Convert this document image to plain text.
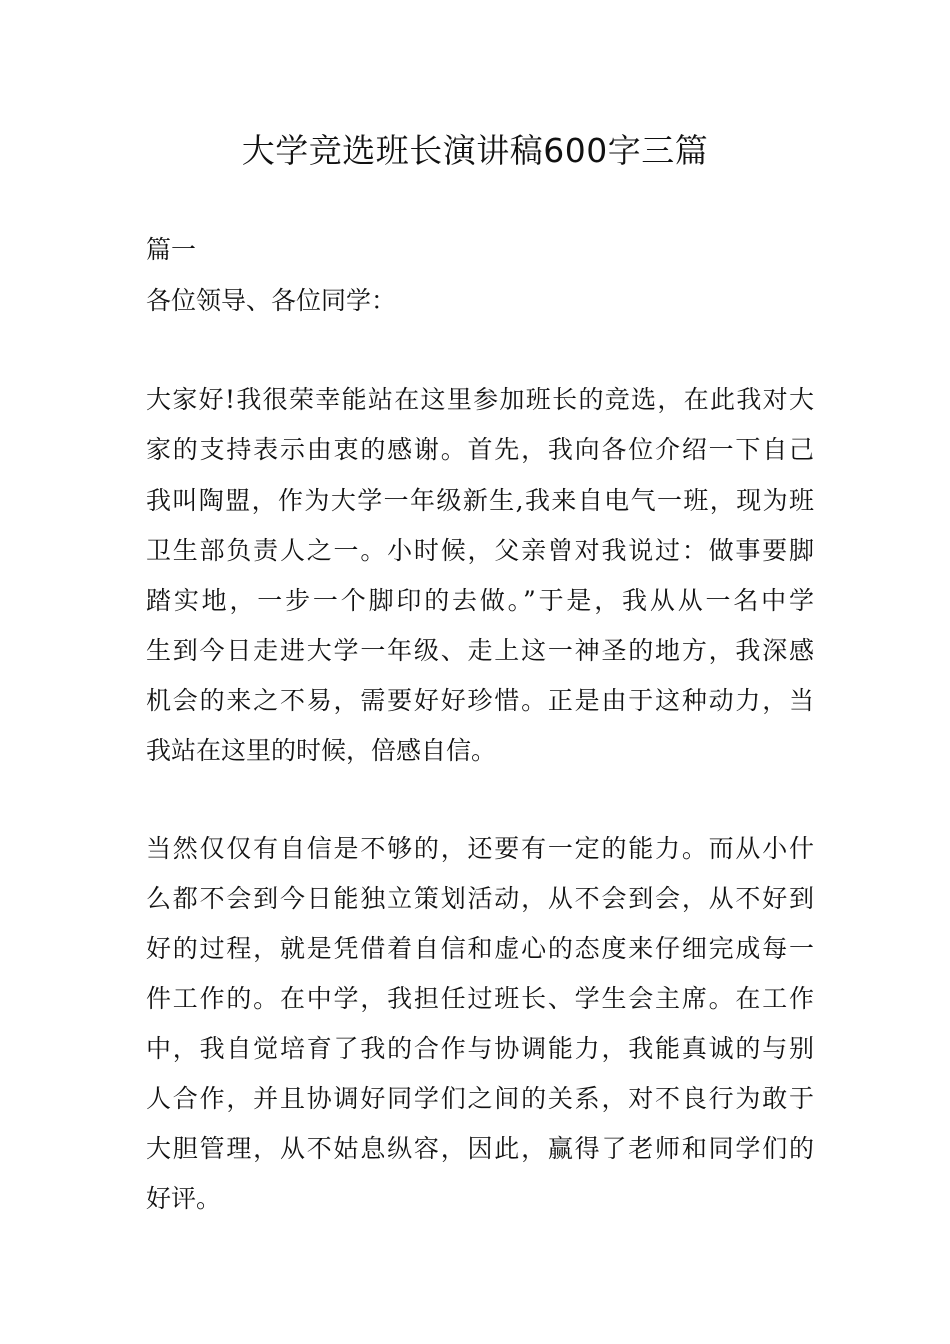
大学竞选班长演讲稿600字三篇
篇一
各位领导、各位同学：
大家好!我很荣幸能站在这里参加班长的竞选，在此我对大
家的支持表示由衷的感谢。首先，我向各位介绍一下自己
我叫陶盟，作为大学一年级新生,我来自电气一班，现为班
卫生部负责人之一。小时候，父亲曾对我说过：做事要脚
踏实地，一步一个脚印的去做。”于是，我从从一名中学
生到今日走进大学一年级、走上这一神圣的地方，我深感
机会的来之不易，需要好好珍惜。正是由于这种动力，当
我站在这里的时候，倍感自信。
当然仅仅有自信是不够的，还要有一定的能力。而从小什
么都不会到今日能独立策划活动，从不会到会，从不好到
好的过程，就是凭借着自信和虚心的态度来仔细完成每一
件工作的。在中学，我担任过班长、学生会主席。在工作
中，我自觉培育了我的合作与协调能力，我能真诚的与别
人合作，并且协调好同学们之间的关系，对不良行为敢于
大胆管理，从不姑息纵容，因此，赢得了老师和同学们的
好评。
